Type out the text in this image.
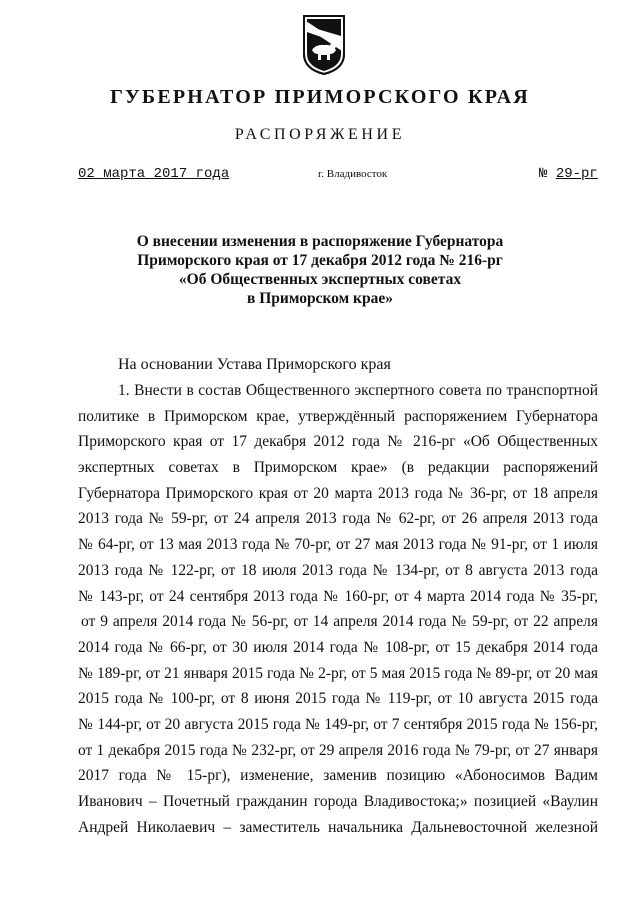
ГУБЕРНАТОР ПРИМОРСКОГО КРАЯ
РАСПОРЯЖЕНИЕ
02 марта 2017 года	г. Владивосток	№ 29-рг
О внесении изменения в распоряжение Губернатора
Приморского края от 17 декабря 2012 года № 216-рг
«Об Общественных экспертных советах
в Приморском крае»
На основании Устава Приморского края
1. Внести в состав Общественного экспертного совета по транспортной
политике в Приморском крае, утверждённый распоряжением Губернатора
Приморского края от 17 декабря 2012 года № 216-рг «Об Общественных
экспертных советах в Приморском крае» (в редакции распоряжений
Губернатора Приморского края от 20 марта 2013 года № 36-рг, от 18 апреля
2013 года № 59-рг, от 24 апреля 2013 года № 62-рг, от 26 апреля 2013 года
№ 64-рг, от 13 мая 2013 года № 70-рг, от 27 мая 2013 года № 91-рг, от 1 июля
2013 года № 122-рг, от 18 июля 2013 года № 134-рг, от 8 августа 2013 года
№ 143-рг, от 24 сентября 2013 года № 160-рг, от 4 марта 2014 года № 35-рг,
от 9 апреля 2014 года № 56-рг, от 14 апреля 2014 года № 59-рг, от 22 апреля
2014 года № 66-рг, от 30 июля 2014 года № 108-рг, от 15 декабря 2014 года
№ 189-рг, от 21 января 2015 года № 2-рг, от 5 мая 2015 года № 89-рг, от 20 мая
2015 года № 100-рг, от 8 июня 2015 года № 119-рг, от 10 августа 2015 года
№ 144-рг, от 20 августа 2015 года № 149-рг, от 7 сентября 2015 года № 156-рг,
от 1 декабря 2015 года № 232-рг, от 29 апреля 2016 года № 79-рг, от 27 января
2017 года № 15-рг), изменение, заменив позицию «Абоносимов Вадим
Иванович – Почетный гражданин города Владивостока;» позицией «Ваулин
Андрей Николаевич – заместитель начальника Дальневосточной железной
